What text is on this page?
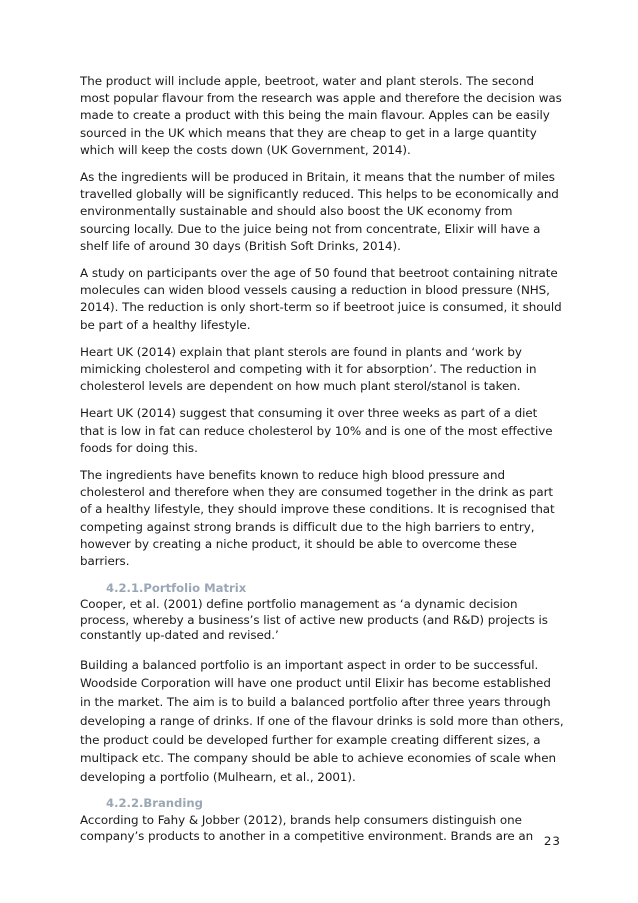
The product will include apple, beetroot, water and plant sterols. The second most popular flavour from the research was apple and therefore the decision was made to create a product with this being the main flavour. Apples can be easily sourced in the UK which means that they are cheap to get in a large quantity which will keep the costs down (UK Government, 2014).

As the ingredients will be produced in Britain, it means that the number of miles travelled globally will be significantly reduced. This helps to be economically and environmentally sustainable and should also boost the UK economy from sourcing locally. Due to the juice being not from concentrate, Elixir will have a shelf life of around 30 days (British Soft Drinks, 2014).

A study on participants over the age of 50 found that beetroot containing nitrate molecules can widen blood vessels causing a reduction in blood pressure (NHS, 2014). The reduction is only short-term so if beetroot juice is consumed, it should be part of a healthy lifestyle.

Heart UK (2014) explain that plant sterols are found in plants and ‘work by mimicking cholesterol and competing with it for absorption’. The reduction in cholesterol levels are dependent on how much plant sterol/stanol is taken.

Heart UK (2014) suggest that consuming it over three weeks as part of a diet that is low in fat can reduce cholesterol by 10% and is one of the most effective foods for doing this.

The ingredients have benefits known to reduce high blood pressure and cholesterol and therefore when they are consumed together in the drink as part of a healthy lifestyle, they should improve these conditions. It is recognised that competing against strong brands is difficult due to the high barriers to entry, however by creating a niche product, it should be able to overcome these barriers.

4.2.1.Portfolio Matrix

Cooper, et al. (2001) define portfolio management as ‘a dynamic decision process, whereby a business’s list of active new products (and R&D) projects is constantly up-dated and revised.’

Building a balanced portfolio is an important aspect in order to be successful. Woodside Corporation will have one product until Elixir has become established in the market. The aim is to build a balanced portfolio after three years through developing a range of drinks. If one of the flavour drinks is sold more than others, the product could be developed further for example creating different sizes, a multipack etc. The company should be able to achieve economies of scale when developing a portfolio (Mulhearn, et al., 2001).

4.2.2.Branding

According to Fahy & Jobber (2012), brands help consumers distinguish one company’s products to another in a competitive environment. Brands are an 23
